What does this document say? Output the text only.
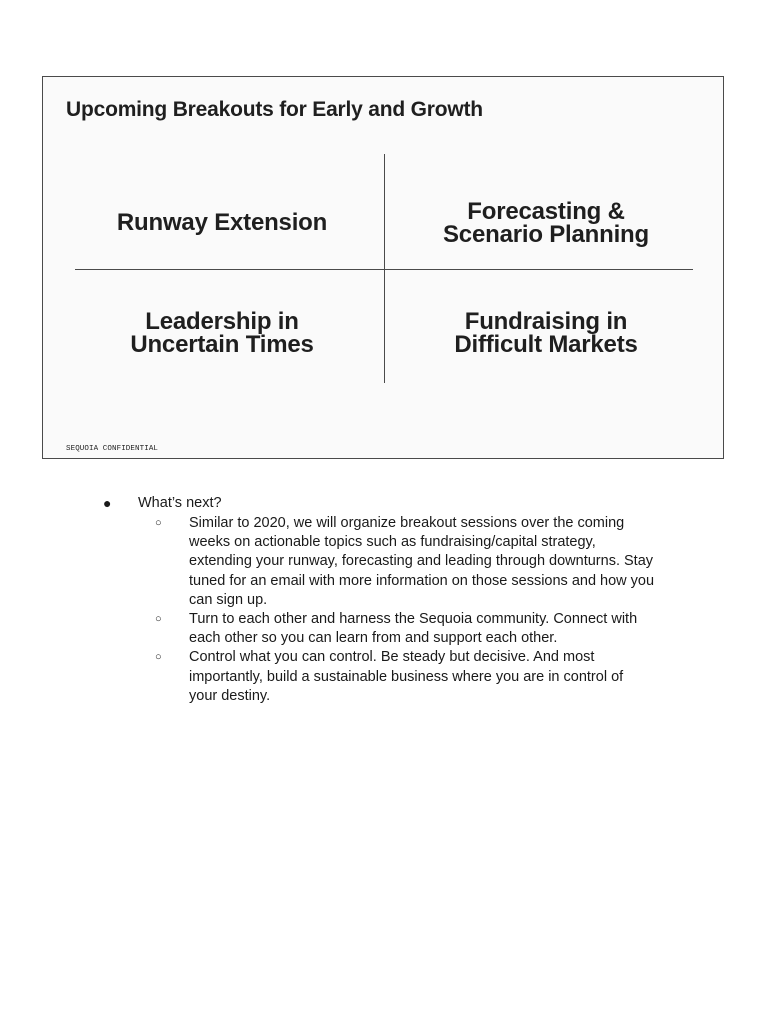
Upcoming Breakouts for Early and Growth
Runway Extension	Forecasting &
Scenario Planning
Leadership in
Uncertain Times
Fundraising in
Difficult Markets
SEQUOIA CONFIDENTIAL
● What’s next?
○ Similar to 2020, we will organize breakout sessions over the coming weeks on actionable topics such as fundraising/capital strategy, extending your runway, forecasting and leading through downturns. Stay tuned for an email with more information on those sessions and how you can sign up.
○ Turn to each other and harness the Sequoia community. Connect with each other so you can learn from and support each other.
○ Control what you can control. Be steady but decisive. And most importantly, build a sustainable business where you are in control of your destiny.
